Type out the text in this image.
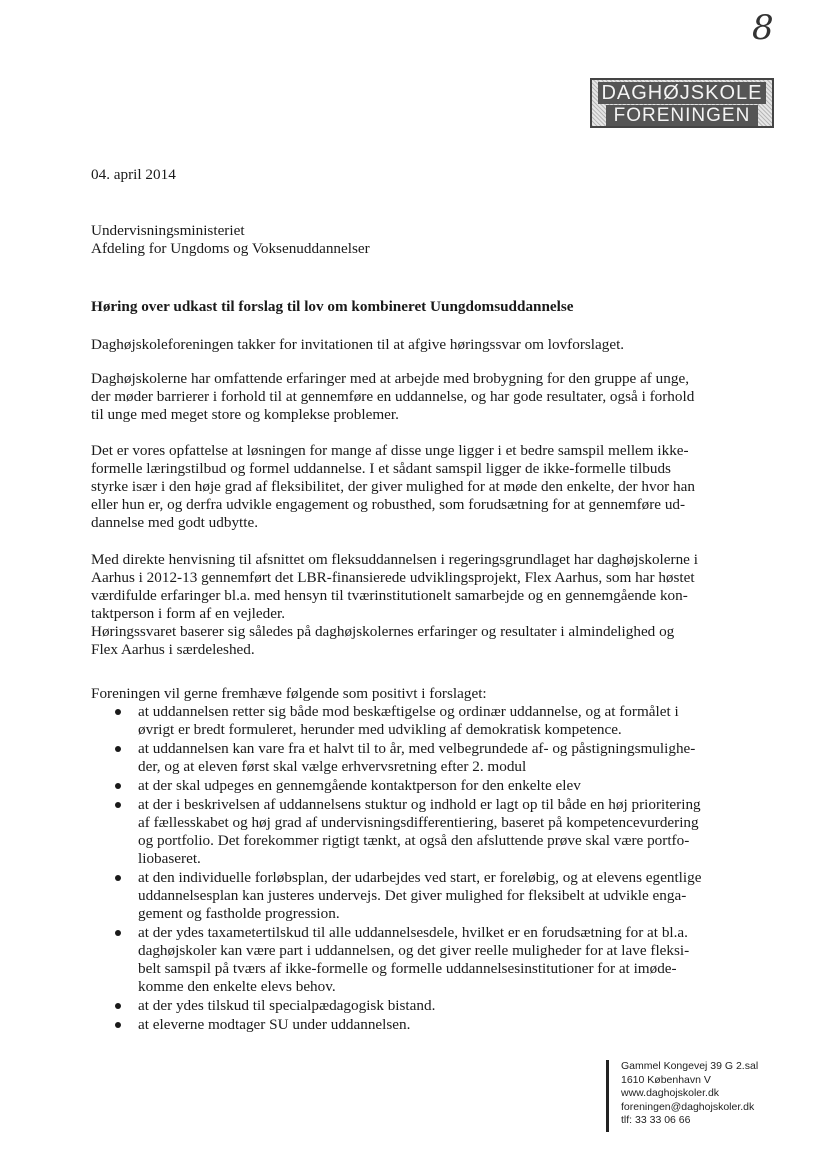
8
DAGHØJSKOLE
FORENINGEN
04. april 2014
Undervisningsministeriet
Afdeling for Ungdoms og Voksenuddannelser
Høring over udkast til forslag til lov om kombineret Uungdomsuddannelse
Daghøjskoleforeningen takker for invitationen til at afgive høringssvar om lovforslaget.
Daghøjskolerne har omfattende erfaringer med at arbejde med brobygning for den gruppe af unge,
der møder barrierer i forhold til at gennemføre en uddannelse, og har gode resultater, også i forhold
til unge med meget store og komplekse problemer.
Det er vores opfattelse at løsningen for mange af disse unge ligger i et bedre samspil mellem ikke-
formelle læringstilbud og formel uddannelse. I et sådant samspil ligger de ikke-formelle tilbuds
styrke især i den høje grad af fleksibilitet, der giver mulighed for at møde den enkelte, der hvor han
eller hun er, og derfra udvikle engagement og robusthed, som forudsætning for at gennemføre ud-
dannelse med godt udbytte.
Med direkte henvisning til afsnittet om fleksuddannelsen i regeringsgrundlaget har daghøjskolerne i
Aarhus i 2012-13 gennemført det LBR-finansierede udviklingsprojekt, Flex Aarhus, som har høstet
værdifulde erfaringer bl.a. med hensyn til tværinstitutionelt samarbejde og en gennemgående kon-
taktperson i form af en vejleder.
Høringssvaret baserer sig således på daghøjskolernes erfaringer og resultater i almindelighed og
Flex Aarhus i særdeleshed.
Foreningen vil gerne fremhæve følgende som positivt i forslaget:
at uddannelsen retter sig både mod beskæftigelse og ordinær uddannelse, og at formålet i
øvrigt er bredt formuleret, herunder med udvikling af demokratisk kompetence.
at uddannelsen kan vare fra et halvt til to år, med velbegrundede af- og påstigningsmulighe-
der, og at eleven først skal vælge erhvervsretning efter 2. modul
at der skal udpeges en gennemgående kontaktperson for den enkelte elev
at der i beskrivelsen af uddannelsens stuktur og indhold er lagt op til både en høj prioritering
af fællesskabet og høj grad af undervisningsdifferentiering, baseret på kompetencevurdering
og portfolio. Det forekommer rigtigt tænkt, at også den afsluttende prøve skal være portfo-
liobaseret.
at den individuelle forløbsplan, der udarbejdes ved start, er foreløbig, og at elevens egentlige
uddannelsesplan kan justeres undervejs. Det giver mulighed for fleksibelt at udvikle enga-
gement og fastholde progression.
at der ydes taxametertilskud til alle uddannelsesdele, hvilket er en forudsætning for at bl.a.
daghøjskoler kan være part i uddannelsen, og det giver reelle muligheder for at lave fleksi-
belt samspil på tværs af ikke-formelle og formelle uddannelsesinstitutioner for at imøde-
komme den enkelte elevs behov.
at der ydes tilskud til specialpædagogisk bistand.
at eleverne modtager SU under uddannelsen.
Gammel Kongevej 39 G 2.sal
1610 København V
www.daghojskoler.dk
foreningen@daghojskoler.dk
tlf: 33 33 06 66
